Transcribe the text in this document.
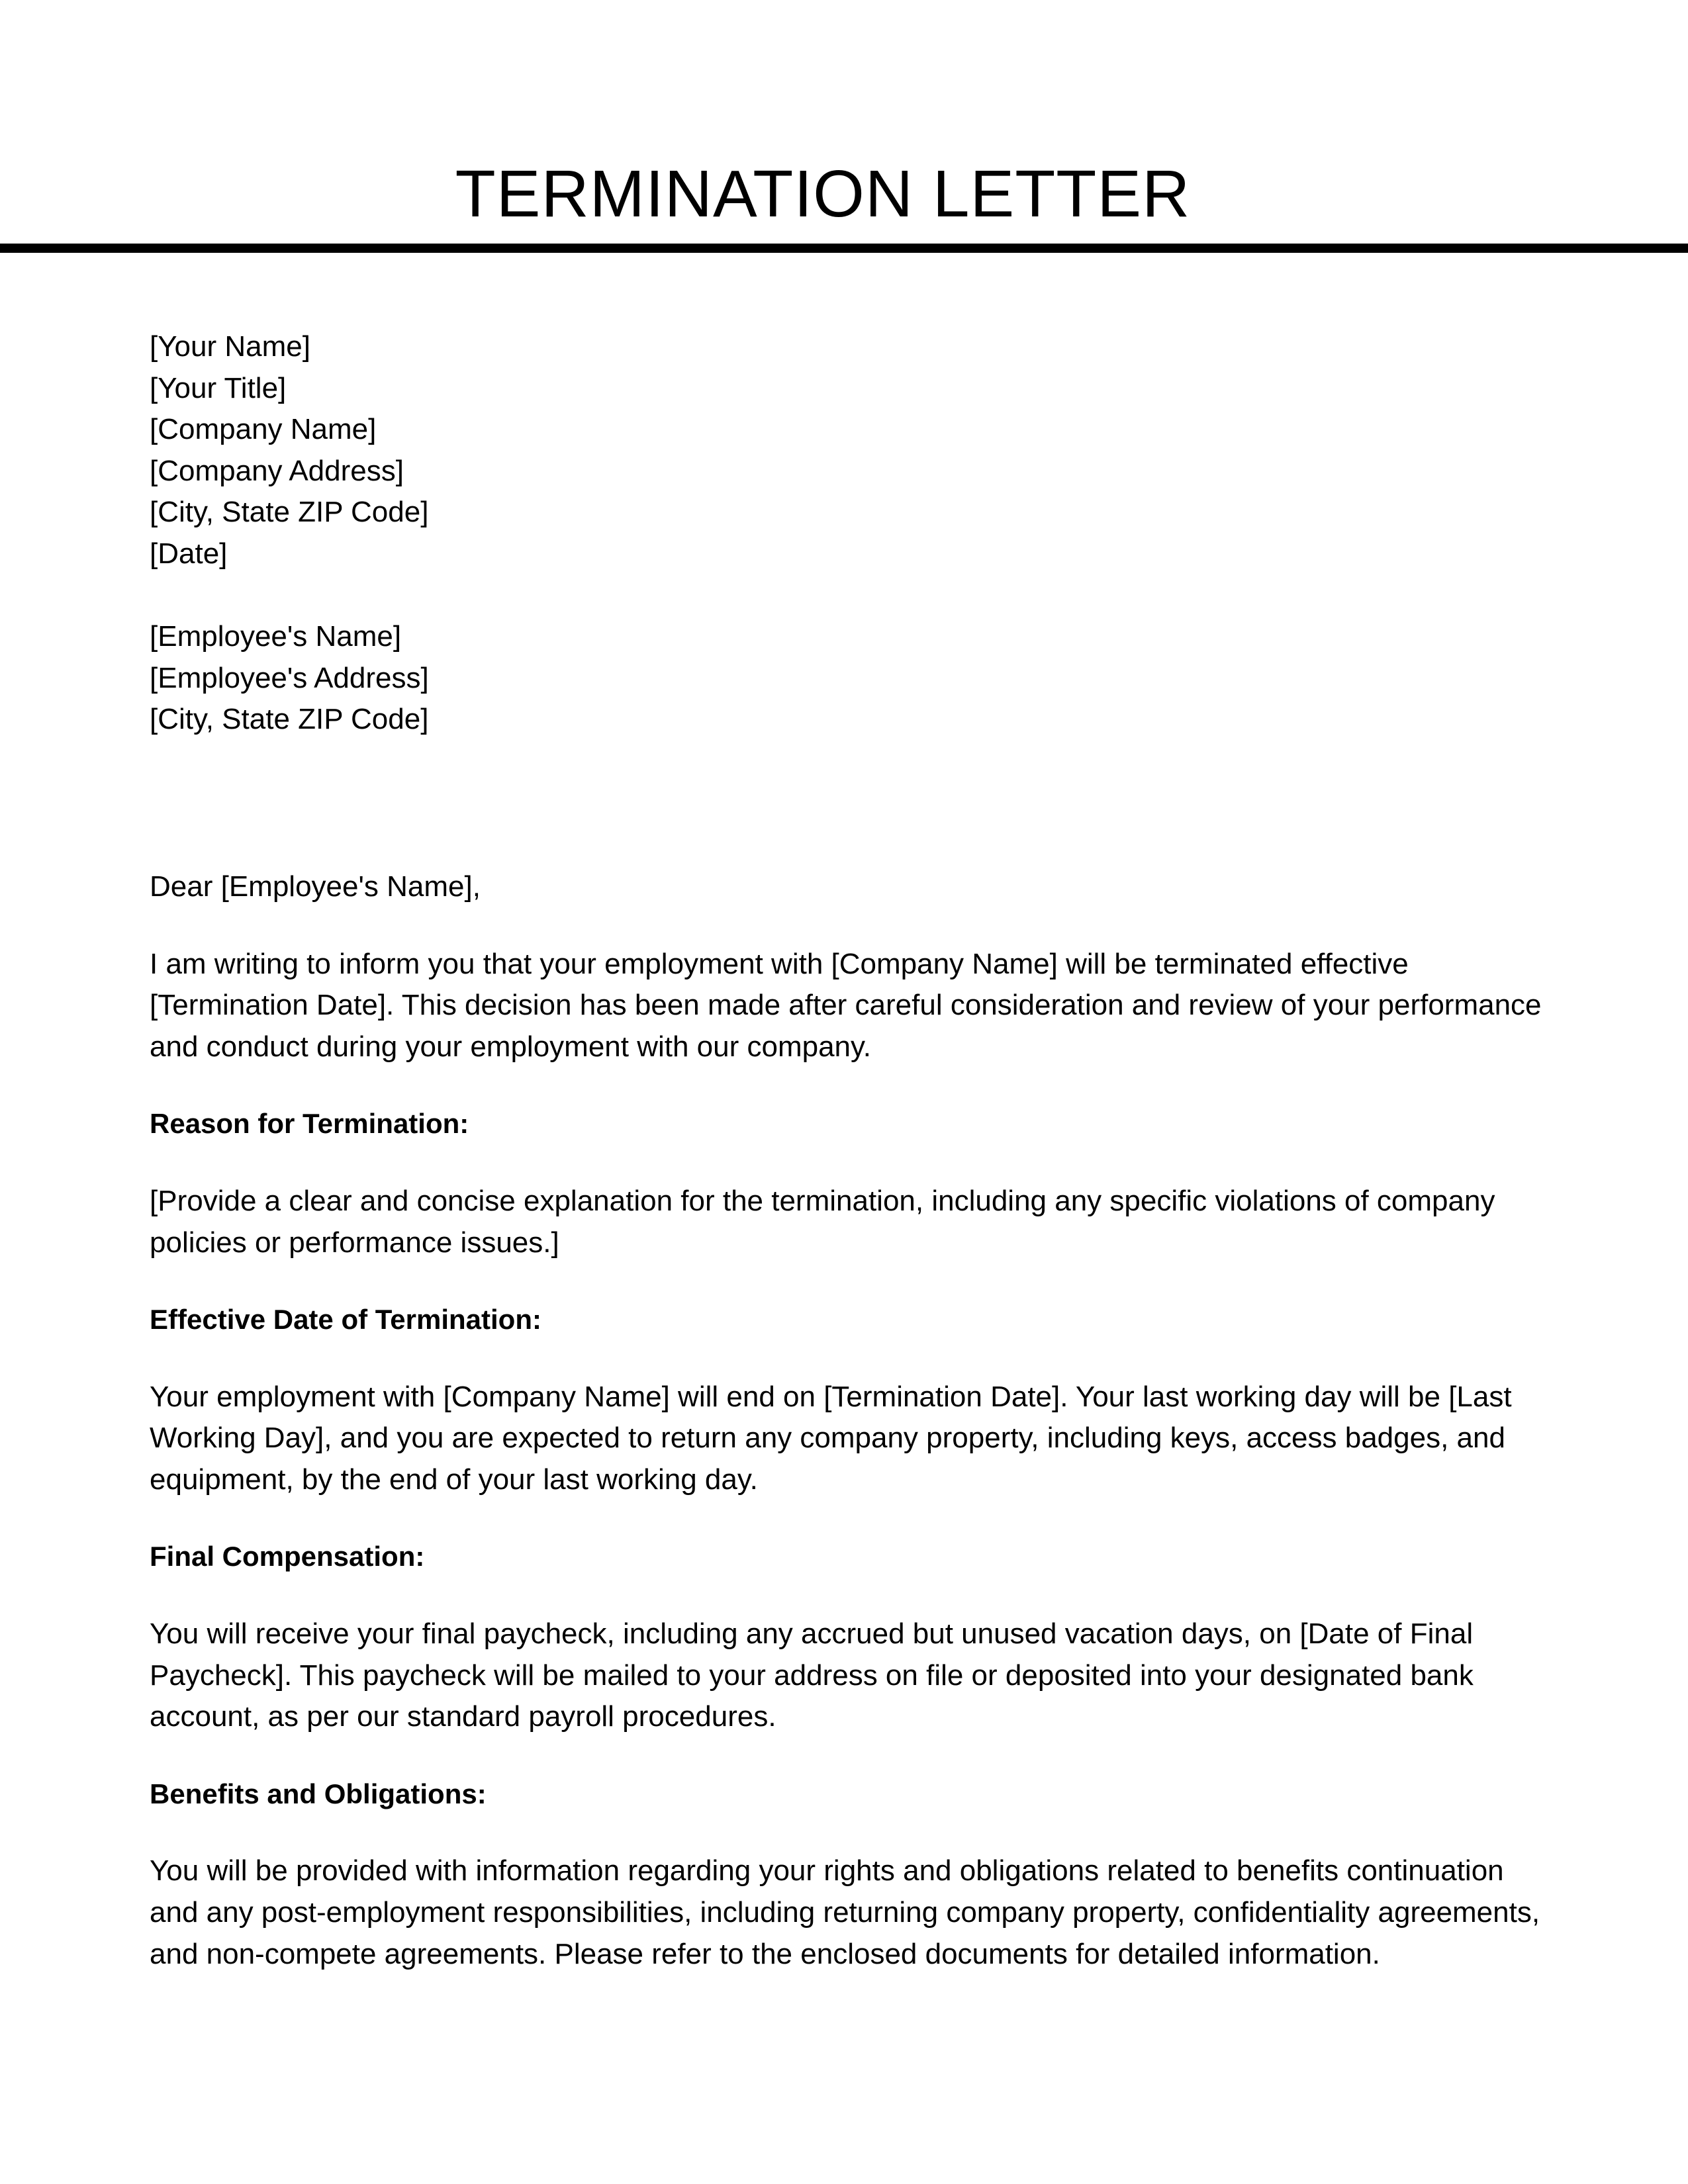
TERMINATION LETTER
[Your Name]
[Your Title]
[Company Name]
[Company Address]
[City, State ZIP Code]
[Date]
[Employee's Name]
[Employee's Address]
[City, State ZIP Code]

Dear [Employee's Name],

I am writing to inform you that your employment with [Company Name] will be terminated effective [Termination Date]. This decision has been made after careful consideration and review of your performance and conduct during your employment with our company.

Reason for Termination:

[Provide a clear and concise explanation for the termination, including any specific violations of company policies or performance issues.]

Effective Date of Termination:

Your employment with [Company Name] will end on [Termination Date]. Your last working day will be [Last Working Day], and you are expected to return any company property, including keys, access badges, and equipment, by the end of your last working day.

Final Compensation:

You will receive your final paycheck, including any accrued but unused vacation days, on [Date of Final Paycheck]. This paycheck will be mailed to your address on file or deposited into your designated bank account, as per our standard payroll procedures.

Benefits and Obligations:

You will be provided with information regarding your rights and obligations related to benefits continuation and any post-employment responsibilities, including returning company property, confidentiality agreements, and non-compete agreements. Please refer to the enclosed documents for detailed information.
